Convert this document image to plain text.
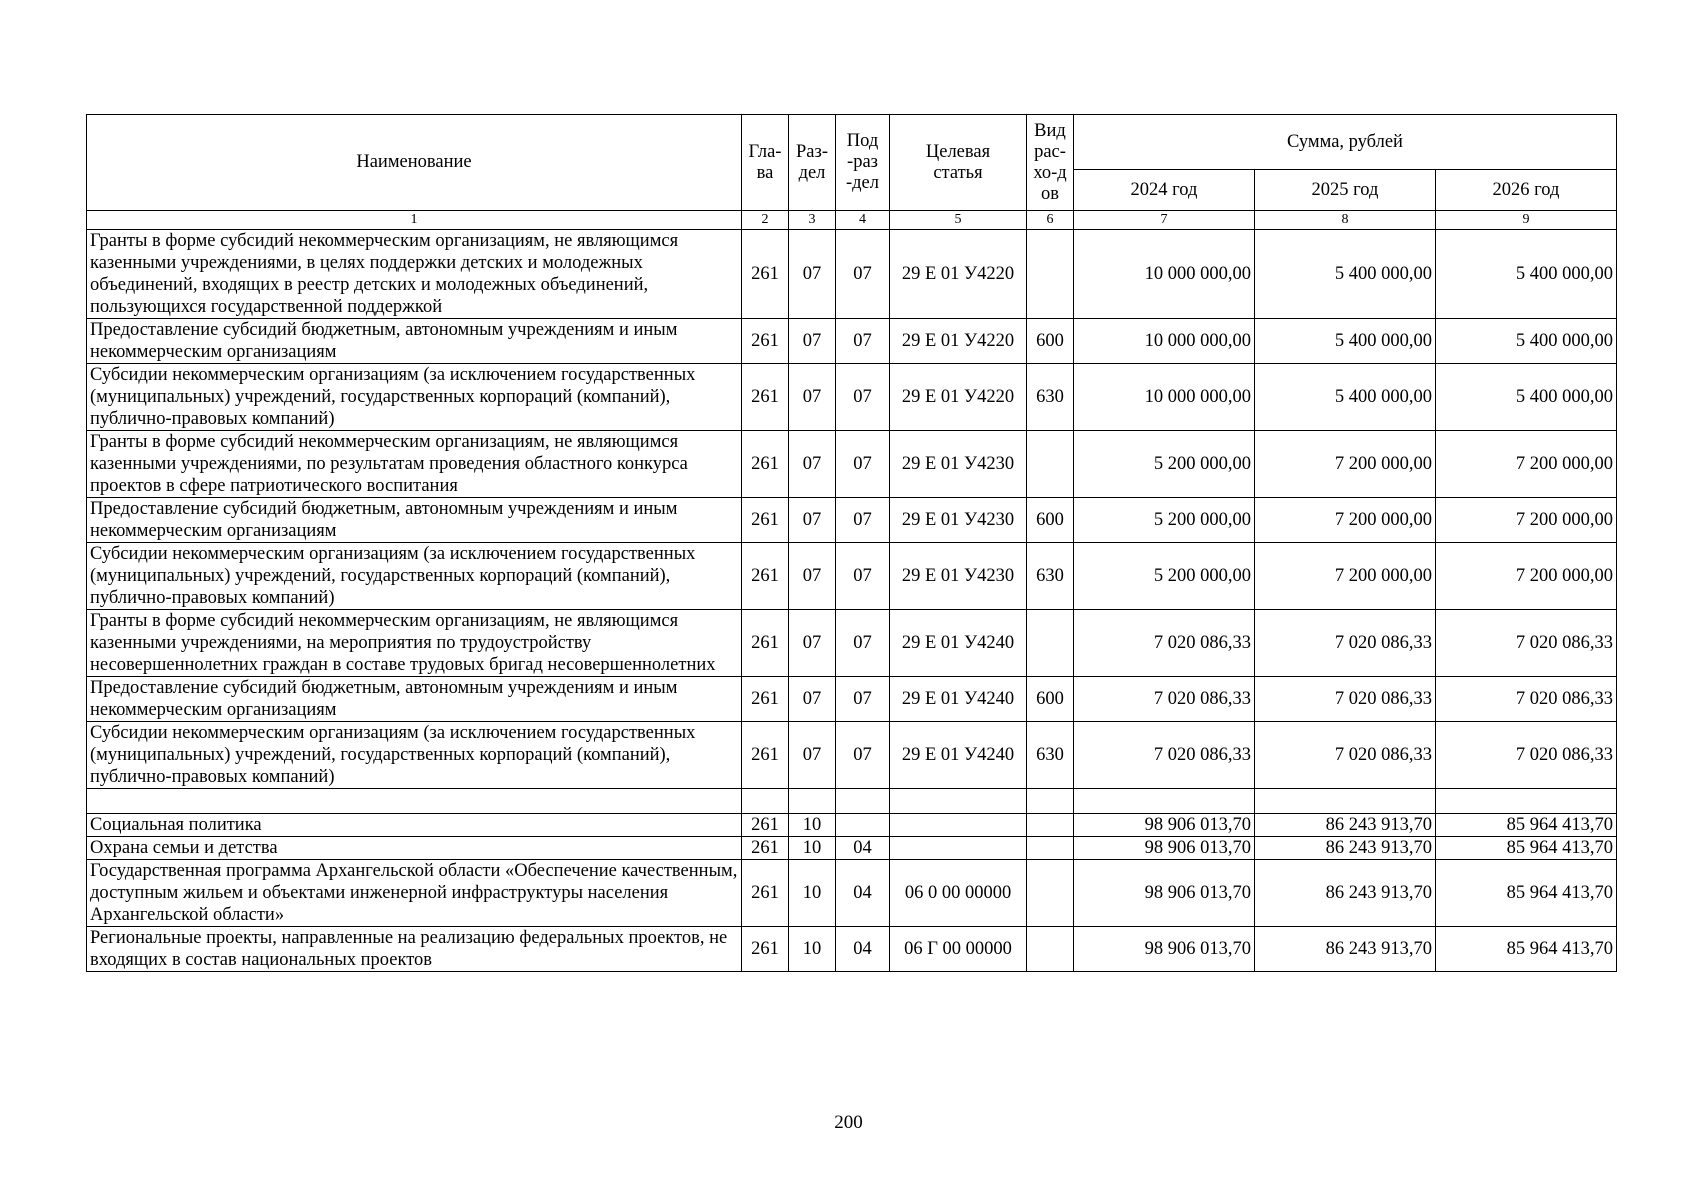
Наименование	Гла-ва	Раз-дел	Под-раз-дел	Целевая статья	Вид рас-хо-дов	Сумма, рублей		
						2024 год	2025 год	2026 год
1	2	3	4	5	6	7	8	9
Гранты в форме субсидий некоммерческим организациям, не являющимся казенными учреждениями, в целях поддержки детских и молодежных объединений, входящих в реестр детских и молодежных объединений, пользующихся государственной поддержкой	261	07	07	29 Е 01 У4220		10 000 000,00	5 400 000,00	5 400 000,00
Предоставление субсидий бюджетным, автономным учреждениям и иным некоммерческим организациям	261	07	07	29 Е 01 У4220	600	10 000 000,00	5 400 000,00	5 400 000,00
Субсидии некоммерческим организациям (за исключением государственных (муниципальных) учреждений, государственных корпораций (компаний), публично-правовых компаний)	261	07	07	29 Е 01 У4220	630	10 000 000,00	5 400 000,00	5 400 000,00
Гранты в форме субсидий некоммерческим организациям, не являющимся казенными учреждениями, по результатам проведения областного конкурса проектов в сфере патриотического воспитания	261	07	07	29 Е 01 У4230		5 200 000,00	7 200 000,00	7 200 000,00
Предоставление субсидий бюджетным, автономным учреждениям и иным некоммерческим организациям	261	07	07	29 Е 01 У4230	600	5 200 000,00	7 200 000,00	7 200 000,00
Субсидии некоммерческим организациям (за исключением государственных (муниципальных) учреждений, государственных корпораций (компаний), публично-правовых компаний)	261	07	07	29 Е 01 У4230	630	5 200 000,00	7 200 000,00	7 200 000,00
Гранты в форме субсидий некоммерческим организациям, не являющимся казенными учреждениями, на мероприятия по трудоустройству несовершеннолетних граждан в составе трудовых бригад несовершеннолетних	261	07	07	29 Е 01 У4240		7 020 086,33	7 020 086,33	7 020 086,33
Предоставление субсидий бюджетным, автономным учреждениям и иным некоммерческим организациям	261	07	07	29 Е 01 У4240	600	7 020 086,33	7 020 086,33	7 020 086,33
Субсидии некоммерческим организациям (за исключением государственных (муниципальных) учреждений, государственных корпораций (компаний), публично-правовых компаний)	261	07	07	29 Е 01 У4240	630	7 020 086,33	7 020 086,33	7 020 086,33

Социальная политика	261	10				98 906 013,70	86 243 913,70	85 964 413,70
Охрана семьи и детства	261	10	04			98 906 013,70	86 243 913,70	85 964 413,70
Государственная программа Архангельской области «Обеспечение качественным, доступным жильем и объектами инженерной инфраструктуры населения Архангельской области»	261	10	04	06 0 00 00000		98 906 013,70	86 243 913,70	85 964 413,70
Региональные проекты, направленные на реализацию федеральных проектов, не входящих в состав национальных проектов	261	10	04	06 Г 00 00000		98 906 013,70	86 243 913,70	85 964 413,70
200
